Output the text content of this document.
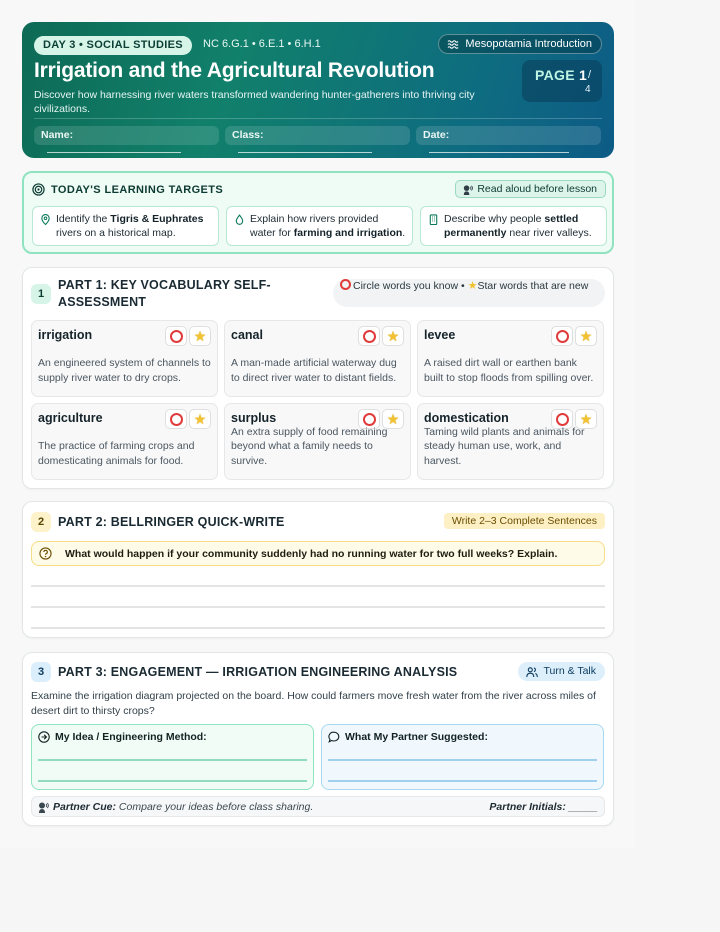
DAY 3 • SOCIAL STUDIES	NC 6.G.1 • 6.E.1 • 6.H.1	Mesopotamia Introduction
Irrigation and the Agricultural Revolution
Discover how harnessing river waters transformed wandering hunter-gatherers into thriving city civilizations.
PAGE 1 /
4
Name:	Class:	Date:
TODAY'S LEARNING TARGETS	Read aloud before lesson
Identify the Tigris & Euphrates rivers on a historical map.
Explain how rivers provided water for farming and irrigation.
Describe why people settled permanently near river valleys.
1
PART 1: KEY VOCABULARY SELF-ASSESSMENT
Circle words you know • ★Star words that are new
irrigation	★
An engineered system of channels to supply river water to dry crops.
canal	★
A man-made artificial waterway dug to direct river water to distant fields.
levee	★
A raised dirt wall or earthen bank built to stop floods from spilling over.
agriculture	★
The practice of farming crops and domesticating animals for food.
surplus	★
An extra supply of food remaining beyond what a family needs to survive.
domestication	★
Taming wild plants and animals for steady human use, work, and harvest.
2	PART 2: BELLRINGER QUICK-WRITE	Write 2–3 Complete Sentences
What would happen if your community suddenly had no running water for two full weeks? Explain.
3	PART 3: ENGAGEMENT — IRRIGATION ENGINEERING ANALYSIS	Turn & Talk
Examine the irrigation diagram projected on the board. How could farmers move fresh water from the river across miles of desert dirt to thirsty crops?
My Idea / Engineering Method:	What My Partner Suggested:
Partner Cue: Compare your ideas before class sharing.	Partner Initials: _____
